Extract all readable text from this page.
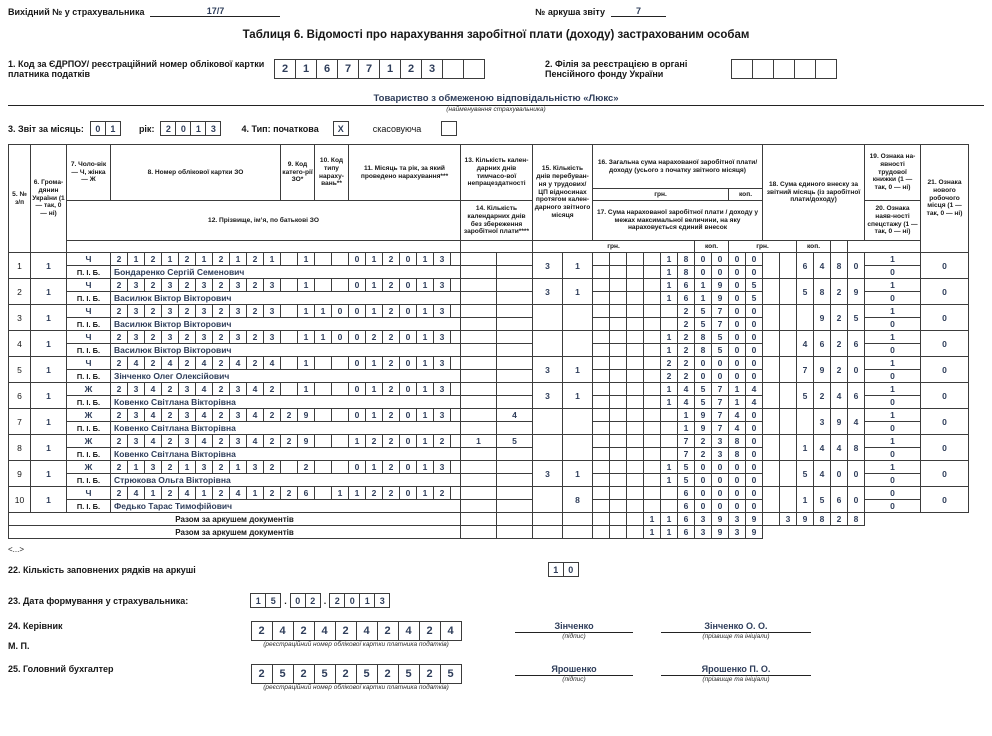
Вихідний № у страхувальника	17/7	№ аркуша звіту	7
Таблиця 6. Відомості про нарахування заробітної плати (доходу) застрахованим особам
1. Код за ЄДРПОУ/ реєстраційний номер облікової картки платника податків	2	1	6	7	7	1	2	3	2. Філія за реєстрацією в органі Пенсійного фонду України
Товариство з обмеженою відповідальністю «Люкс»
(найменування страхувальника)
3. Звіт за місяць:	0	1	рік:	2	0	1	3	4. Тип: початкова	X	скасовуюча
5. № з/п	6. Грома-дянин України (1 — так, 0 — ні)	7. Чоло-вік — Ч, жінка — Ж	8. Номер облікової картки ЗО										9. Код катего-рії ЗО*		10. Код типу нараху-вань**		11. Місяць та рік, за який проведено нарахування***							13. Кількість кален-дарних днів тимчасо-вої непрацездатності		15. Кількість днів перебуван-ня у трудових/ ЦП відносинах протягом кален-дарного звітного місяця		16. Загальна сума нарахованої заробітної плати/доходу (усього з початку звітного місяця)										18. Сума єдиного внеску за звітний місяць (із заробітної плати/доходу)						19. Ознака на-явності трудової книжки (1 — так, 0 — ні)	21. Ознака нового робочого місця (1 — так, 0 — ні)
																												грн.								коп.									
		12. Прізвище, ім’я, по батькові ЗО																						14. Кількість календарних днів без збереження заробітної плати****				17. Сума нарахованої заробітної плати / доходу у межах максимальної величини, на яку нараховується єдиний внесок																20. Ознака наяв-ності спецстажу (1 — так, 0 — ні)	
																										грн.								коп.		грн.				коп.					
1	1	Ч	2	1	2	1	2	1	2	1	2	1		1			0	1	2	0	1	3				3	1					1	8	0	0	0	0			6	4	8	0	1	0
		П. І. Б.	Бондаренко Сергій Семенович																													1	8	0	0	0	0							0	
2	1	Ч	2	3	2	3	2	3	2	3	2	3		1			0	1	2	0	1	3				3	1					1	6	1	9	0	5			5	8	2	9	1	0
		П. І. Б.	Василюк Віктор Вікторович																													1	6	1	9	0	5							0	
3	1	Ч	2	3	2	3	2	3	2	3	2	3		1	1	0	0	1	2	0	1	3											2	5	7	0	0				9	2	5	1	0
		П. І. Б.	Василюк Віктор Вікторович																														2	5	7	0	0							0	
4	1	Ч	2	3	2	3	2	3	2	3	2	3		1	1	0	0	2	2	0	1	3										1	2	8	5	0	0			4	6	2	6	1	0
		П. І. Б.	Василюк Віктор Вікторович																													1	2	8	5	0	0							0	
5	1	Ч	2	4	2	4	2	4	2	4	2	4		1			0	1	2	0	1	3				3	1					2	2	0	0	0	0			7	9	2	0	1	0
		П. І. Б.	Зінченко Олег Олексійович																													2	2	0	0	0	0							0	
6	1	Ж	2	3	4	2	3	4	2	3	4	2		1			0	1	2	0	1	3				3	1					1	4	5	7	1	4			5	2	4	6	1	0
		П. І. Б.	Ковенко Світлана Вікторівна																													1	4	5	7	1	4							0	
7	1	Ж	2	3	4	2	3	4	2	3	4	2	2	9			0	1	2	0	1	3			4								1	9	7	4	0				3	9	4	1	0
		П. І. Б.	Ковенко Світлана Вікторівна																														1	9	7	4	0							0	
8	1	Ж	2	3	4	2	3	4	2	3	4	2	2	9			1	2	2	0	1	2		1	5								7	2	3	8	0			1	4	4	8	1	0
		П. І. Б.	Ковенко Світлана Вікторівна																														7	2	3	8	0							0	
9	1	Ж	2	1	3	2	1	3	2	1	3	2		2			0	1	2	0	1	3				3	1					1	5	0	0	0	0			5	4	0	0	1	0
		П. І. Б.	Стрюкова Ольга Вікторівна																													1	5	0	0	0	0							0	
10	1	Ч	2	4	1	2	4	1	2	4	1	2	2	6		1	1	2	2	0	1	2					8						6	0	0	0	0			1	5	6	0	0	0
		П. І. Б.	Федько Тарас Тимофійович																														6	0	0	0	0							0	
Разом за аркушем документів																															1	1	6	3	9	3	9		3	9	8	2	8		
Разом за аркушем документів																															1	1	6	3	9	3	9								
<...>
22. Кількість заповнених рядків на аркуші	1	0
23. Дата формування у страхувальника:	1	5 . 0	2 . 2	0	1	3
24. Керівник
М. П.
2	4	2	4	2	4	2	4	2	4
(реєстраційний номер облікової картки платника податків)
Зінченко
(підпис)
Зінченко О. О.
(прізвище та ініціали)
25. Головний бухгалтер	2	5	2	5	2	5	2	5	2	5
(реєстраційний номер облікової картки платника податків)
Ярошенко
(підпис)
Ярошенко П. О.
(прізвище та ініціали)
